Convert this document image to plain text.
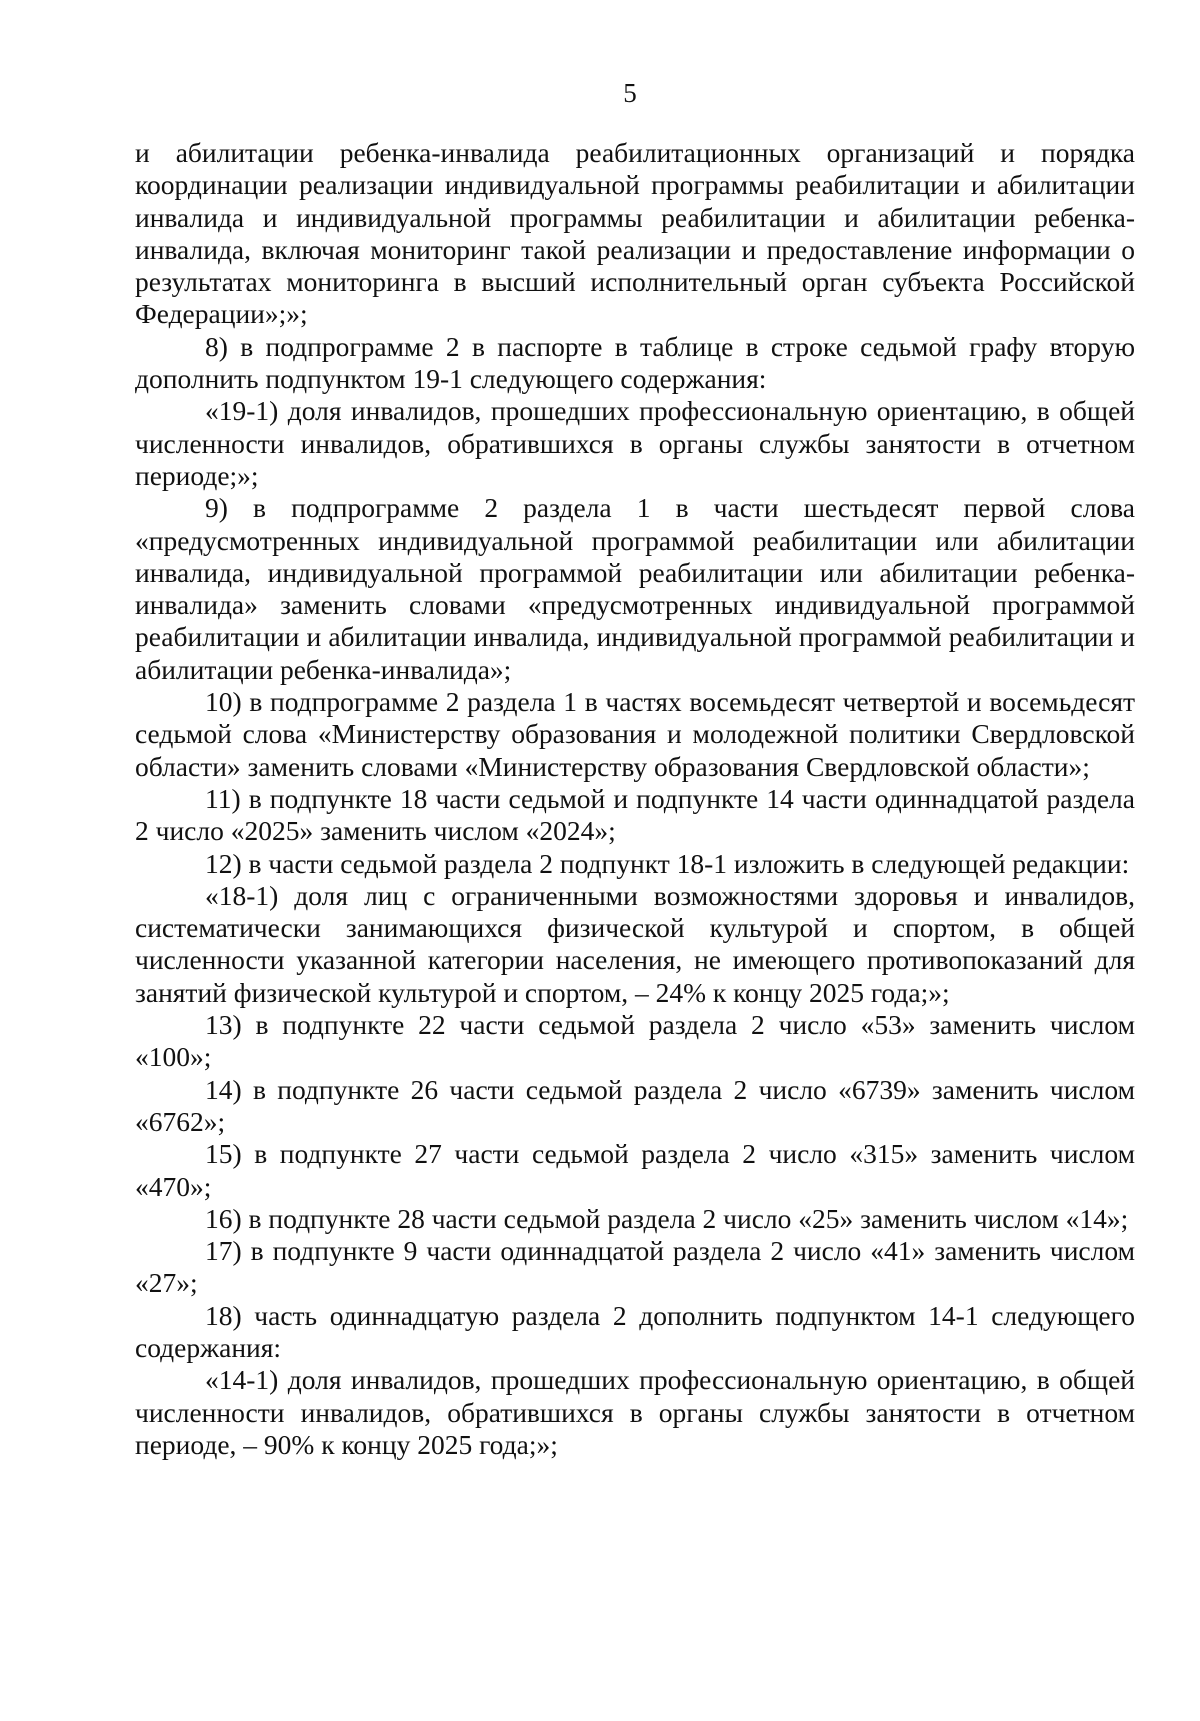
5

и абилитации ребенка-инвалида реабилитационных организаций и порядка координации реализации индивидуальной программы реабилитации и абилитации инвалида и индивидуальной программы реабилитации и абилитации ребенка-инвалида, включая мониторинг такой реализации и предоставление информации о результатах мониторинга в высший исполнительный орган субъекта Российской Федерации»;»;

8) в подпрограмме 2 в паспорте в таблице в строке седьмой графу вторую дополнить подпунктом 19-1 следующего содержания:

«19-1) доля инвалидов, прошедших профессиональную ориентацию, в общей численности инвалидов, обратившихся в органы службы занятости в отчетном периоде;»;

9) в подпрограмме 2 раздела 1 в части шестьдесят первой слова «предусмотренных индивидуальной программой реабилитации или абилитации инвалида, индивидуальной программой реабилитации или абилитации ребенка-инвалида» заменить словами «предусмотренных индивидуальной программой реабилитации и абилитации инвалида, индивидуальной программой реабилитации и абилитации ребенка-инвалида»;

10) в подпрограмме 2 раздела 1 в частях восемьдесят четвертой и восемьдесят седьмой слова «Министерству образования и молодежной политики Свердловской области» заменить словами «Министерству образования Свердловской области»;

11) в подпункте 18 части седьмой и подпункте 14 части одиннадцатой раздела 2 число «2025» заменить числом «2024»;

12) в части седьмой раздела 2 подпункт 18-1 изложить в следующей редакции:

«18-1) доля лиц с ограниченными возможностями здоровья и инвалидов, систематически занимающихся физической культурой и спортом, в общей численности указанной категории населения, не имеющего противопоказаний для занятий физической культурой и спортом, – 24% к концу 2025 года;»;

13) в подпункте 22 части седьмой раздела 2 число «53» заменить числом «100»;

14) в подпункте 26 части седьмой раздела 2 число «6739» заменить числом «6762»;

15) в подпункте 27 части седьмой раздела 2 число «315» заменить числом «470»;

16) в подпункте 28 части седьмой раздела 2 число «25» заменить числом «14»;

17) в подпункте 9 части одиннадцатой раздела 2 число «41» заменить числом «27»;

18) часть одиннадцатую раздела 2 дополнить подпунктом 14-1 следующего содержания:

«14-1) доля инвалидов, прошедших профессиональную ориентацию, в общей численности инвалидов, обратившихся в органы службы занятости в отчетном периоде, – 90% к концу 2025 года;»;
